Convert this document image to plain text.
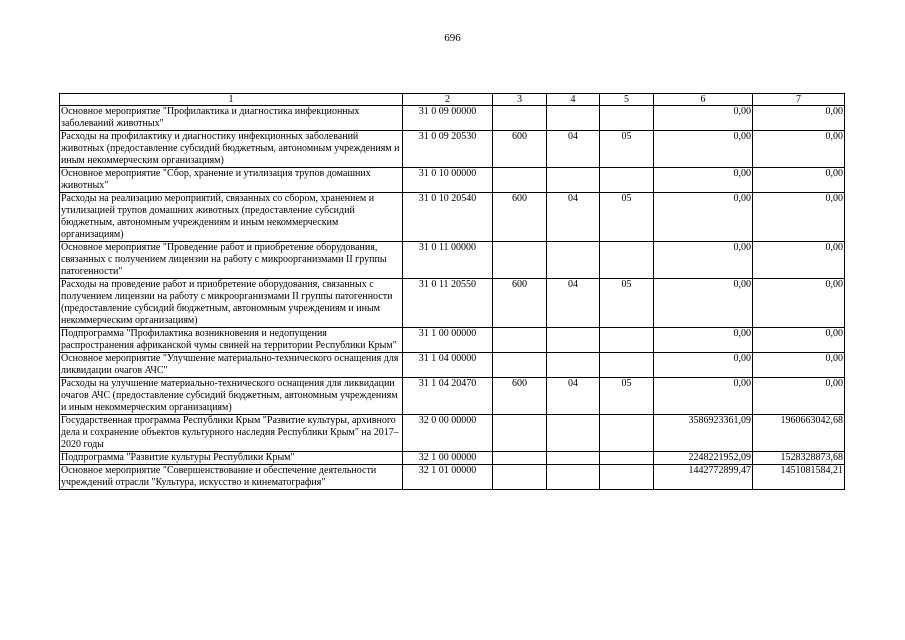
696
1	2	3	4	5	6	7
Основное мероприятие "Профилактика и диагностика инфекционных заболеваний животных"	31 0 09 00000				0,00	0,00
Расходы на профилактику и диагностику инфекционных заболеваний животных (предоставление субсидий бюджетным, автономным учреждениям и иным некоммерческим организациям)	31 0 09 20530	600	04	05	0,00	0,00
Основное мероприятие "Сбор, хранение и утилизация трупов домашних животных"	31 0 10 00000				0,00	0,00
Расходы на реализацию мероприятий, связанных со сбором, хранением и утилизацией трупов домашних животных (предоставление субсидий бюджетным, автономным учреждениям и иным некоммерческим организациям)	31 0 10 20540	600	04	05	0,00	0,00
Основное мероприятие "Проведение работ и приобретение оборудования, связанных с получением лицензии на работу с микроорганизмами II группы патогенности"	31 0 11 00000				0,00	0,00
Расходы на проведение работ и приобретение оборудования, связанных с получением лицензии на работу с микроорганизмами II группы патогенности (предоставление субсидий бюджетным, автономным учреждениям и иным некоммерческим организациям)	31 0 11 20550	600	04	05	0,00	0,00
Подпрограмма "Профилактика возникновения и недопущения распространения африканской чумы свиней на территории Республики Крым"	31 1 00 00000				0,00	0,00
Основное мероприятие "Улучшение материально-технического оснащения для ликвидации очагов АЧС"	31 1 04 00000				0,00	0,00
Расходы на улучшение материально-технического оснащения для ликвидации очагов АЧС (предоставление субсидий бюджетным, автономным учреждениям и иным некоммерческим организациям)	31 1 04 20470	600	04	05	0,00	0,00
Государственная программа Республики Крым "Развитие культуры, архивного дела и сохранение объектов культурного наследия Республики Крым" на 2017–2020 годы	32 0 00 00000				3586923361,09	1960663042,68
Подпрограмма "Развитие культуры Республики Крым"	32 1 00 00000				2248221952,09	1528328873,68
Основное мероприятие "Совершенствование и обеспечение деятельности учреждений отрасли "Культура, искусство и кинематография"	32 1 01 00000				1442772899,47	1451081584,21
